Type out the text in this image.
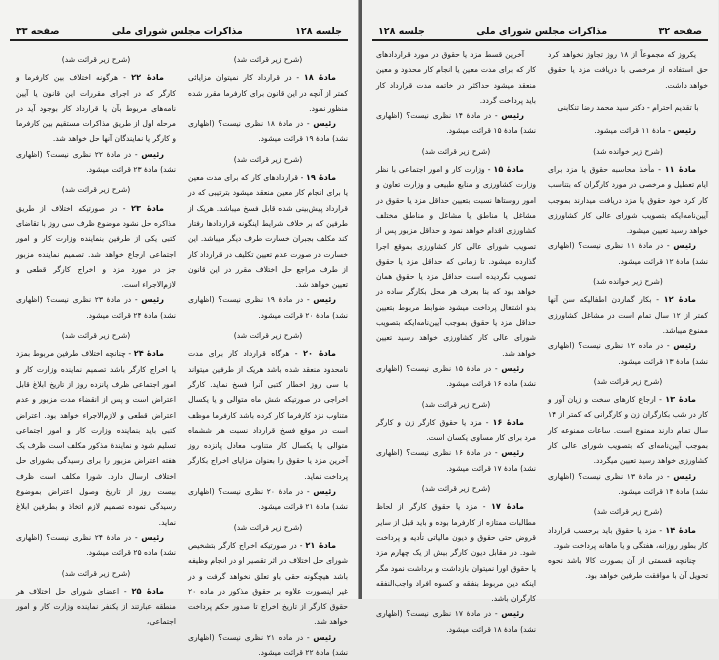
جلسه ۱۲۸
مذاکرات مجلس شورای ملی
صفحه ۳۳

(شرح زیر قرائت شد)

مادهٔ ۱۸ - در قرارداد کار نمیتوان مزایائی کمتر از آنچه در این قانون برای کارفرما مقرر شده منظور نمود.

رئیس - در مادهٔ ۱۸ نظری نیست؟ (اظهاری نشد) مادهٔ ۱۹ قرائت میشود.

(شرح زیر قرائت شد)

مادهٔ ۱۹ - قراردادهای کار که برای مدت معین یا برای انجام کار معین منعقد میشود بترتیبی که در قرارداد پیش‌بینی شده قابل فسخ میباشد. هریک از طرفین که بر خلاف شرایط اینگونه قراردادها رفتار کند مکلف بجبران خسارت طرف دیگر میباشد. این خسارت در صورت عدم تعیین تکلیف در قرارداد کار از طرف مراجع حل اختلاف مقرر در این قانون تعیین خواهد شد.

رئیس - در مادهٔ ۱۹ نظری نیست؟ (اظهاری نشد) مادهٔ ۲۰ قرائت میشود.

(شرح زیر قرائت شد)

مادهٔ ۲۰ - هرگاه قرارداد کار برای مدت نامحدود منعقد شده باشد هریک از طرفین میتواند با سی روز اخطار کتبی آنرا فسخ نماید. کارگر اخراجی در صورتیکه شش ماه متوالی و یا یکسال متناوب نزد کارفرما کار کرده باشد کارفرما موظف است در موقع فسخ قرارداد نسبت هر ششماه متوالی یا یکسال کار متناوب معادل پانزده روز آخرین مزد یا حقوق را بعنوان مزایای اخراج بکارگر پرداخت نماید.

رئیس - در مادهٔ ۲۰ نظری نیست؟ (اظهاری نشد) مادهٔ ۲۱ قرائت میشود.

(شرح زیر قرائت شد)

مادهٔ ۲۱ - در صورتیکه اخراج کارگر بتشخیص شورای حل اختلاف در اثر تقصیر او در انجام وظیفه باشد هیچگونه حقی باو تعلق نخواهد گرفت و در غیر اینصورت علاوه بر حقوق مذکور در ماده ۲۰ حقوق کارگر از تاریخ اخراج تا صدور حکم پرداخت خواهد شد.

رئیس - در ماده ۲۱ نظری نیست؟ (اظهاری نشد) مادهٔ ۲۲ قرائت میشود.

(شرح زیر قرائت شد)

مادهٔ ۲۲ - هرگونه اختلاف بین کارفرما و کارگر که در اجرای مقررات این قانون یا آیین نامه‌های مربوط بآن یا قرارداد کار بوجود آید در مرحله اول از طریق مذاکرات مستقیم بین کارفرما و کارگر یا نمایندگان آنها حل خواهد شد.

رئیس - در مادهٔ ۲۲ نظری نیست؟ (اظهاری نشد) مادهٔ ۲۳ قرائت میشود.

(شرح زیر قرائت شد)

مادهٔ ۲۳ - در صورتیکه اختلاف از طریق مذاکره حل نشود موضوع ظرف سی روز با تقاضای کتبی یکی از طرفین بنماینده وزارت کار و امور اجتماعی ارجاع خواهد شد. تصمیم نماینده مزبور جز در مورد مزد و اخراج کارگر قطعی و لازم‌الاجراء است.

رئیس - در مادهٔ ۲۳ نظری نیست؟ (اظهاری نشد) مادهٔ ۲۴ قرائت میشود.

(شرح زیر قرائت شد)

مادهٔ ۲۴ - چنانچه اختلاف طرفین مربوط بمزد یا اخراج کارگر باشد تصمیم نماینده وزارت کار و امور اجتماعی ظرف پانزده روز از تاریخ ابلاغ قابل اعتراض است و پس از انقضاء مدت مزبور و عدم اعتراض قطعی و لازم‌الاجراء خواهد بود. اعتراض کتبی باید بنماینده وزارت کار و امور اجتماعی تسلیم شود و نمایندهٔ مذکور مکلف است ظرف یک هفته اعتراض مزبور را برای رسیدگی بشورای حل اختلاف ارسال دارد. شورا مکلف است ظرف بیست روز از تاریخ وصول اعتراض بموضوع رسیدگی نموده تصمیم لازم اتخاذ و بطرفین ابلاغ نماید.

رئیس - در مادهٔ ۲۴ نظری نیست؟ (اظهاری نشد) ماده ۲۵ قرائت میشود.

(شرح زیر قرائت شد)

مادهٔ ۲۵ - اعضای شورای حل اختلاف هر منطقه عبارتند از یکنفر نماینده وزارت کار و امور اجتماعی،

صفحه ۳۲
مذاکرات مجلس شورای ملی
جلسه ۱۲۸

یکروز که مجموعاً از ۱۸ روز تجاوز نخواهد کرد حق استفاده از مرخصی با دریافت مزد یا حقوق خواهد داشت.

با تقدیم احترام - دکتر سید محمد رضا تنکابنی

رئیس - مادهٔ ۱۱ قرائت میشود.

(شرح زیر خوانده شد)

مادهٔ ۱۱ - مأخذ محاسبه حقوق یا مزد برای ایام تعطیل و مرخصی در مورد کارگران که بتناسب کار کرد خود حقوق یا مزد دریافت میدارند بموجب آیین‌نامه‌ایکه بتصویب شورای عالی کار کشاورزی خواهد رسید تعیین میشود.

رئیس - در مادهٔ ۱۱ نظری نیست؟ (اظهاری نشد) مادهٔ ۱۲ قرائت میشود.

(شرح زیر خوانده شد)

مادهٔ ۱۲ - بکار گماردن اطفالیکه سن آنها کمتر از ۱۲ سال تمام است در مشاغل کشاورزی ممنوع میباشد.

رئیس - در ماده ۱۲ نظری نیست؟ (اظهاری نشد) مادهٔ ۱۳ قرائت میشود.

(شرح زیر قرائت شد)

مادهٔ ۱۳ - ارجاع کارهای سخت و زیان آور و کار در شب بکارگران زن و کارگرانی که کمتر از ۱۴ سال تمام دارند ممنوع است. ساعات ممنوعه کار بموجب آیین‌نامه‌ای که بتصویب شورای عالی کار کشاورزی خواهد رسید تعیین میگردد.

رئیس - در مادهٔ ۱۳ نظری نیست؟ (اظهاری نشد) مادهٔ ۱۴ قرائت میشود.

(شرح زیر قرائت شد)

مادهٔ ۱۴ - مزد یا حقوق باید برحسب قرارداد کار بطور روزانه، هفتگی و یا ماهانه پرداخت شود.

چنانچه قسمتی از آن بصورت کالا باشد نحوه تحویل آن با موافقت طرفین خواهد بود.

آخرین قسط مزد یا حقوق در مورد قراردادهای کار که برای مدت معین یا انجام کار محدود و معین منعقد میشود حداکثر در خاتمه مدت قرارداد کار باید پرداخت گردد.

رئیس - در مادهٔ ۱۴ نظری نیست؟ (اظهاری نشد) مادهٔ ۱۵ قرائت میشود.

(شرح زیر قرائت شد)

مادهٔ ۱۵ - وزارت کار و امور اجتماعی با نظر وزارت کشاورزی و منابع طبیعی و وزارت تعاون و امور روستاها نسبت بتعیین حداقل مزد یا حقوق در مشاغل یا مناطق یا مشاغل و مناطق مختلف کشاورزی اقدام خواهد نمود و حداقل مزبور پس از تصویب شورای عالی کار کشاورزی بموقع اجرا گذارده میشود. تا زمانی که حداقل مزد یا حقوق تصویب نگردیده است حداقل مزد یا حقوق همان خواهد بود که بنا بعرف هر محل بکارگر ساده در بدو اشتغال پرداخت میشود ضوابط مربوط بتعیین حداقل مزد یا حقوق بموجب آیین‌نامه‌ایکه بتصویب شورای عالی کار کشاورزی خواهد رسید تعیین خواهد شد.

رئیس - در مادهٔ ۱۵ نظری نیست؟ (اظهاری نشد) ماده ۱۶ قرائت میشود.

(شرح زیر قرائت شد)

مادهٔ ۱۶ - مزد یا حقوق کارگر زن و کارگر مرد برای کار مساوی یکسان است.

رئیس - در مادهٔ ۱۶ نظری نیست؟ (اظهاری نشد) مادهٔ ۱۷ قرائت میشود.

(شرح زیر قرائت شد)

مادهٔ ۱۷ - مزد یا حقوق کارگر از لحاظ مطالبات ممتازه از کارفرما بوده و باید قبل از سایر قروض حتی حقوق و دیون مالیاتی تأدیه و پرداخت شود. در مقابل دیون کارگر بیش از یک چهارم مزد یا حقوق اورا نمیتوان بازداشت و برداشت نمود مگر اینکه دین مربوط بنفقه و کسوه افراد واجب‌النفقه کارگران باشد.

رئیس - در مادهٔ ۱۷ نظری نیست؟ (اظهاری نشد) مادهٔ ۱۸ قرائت میشود.
